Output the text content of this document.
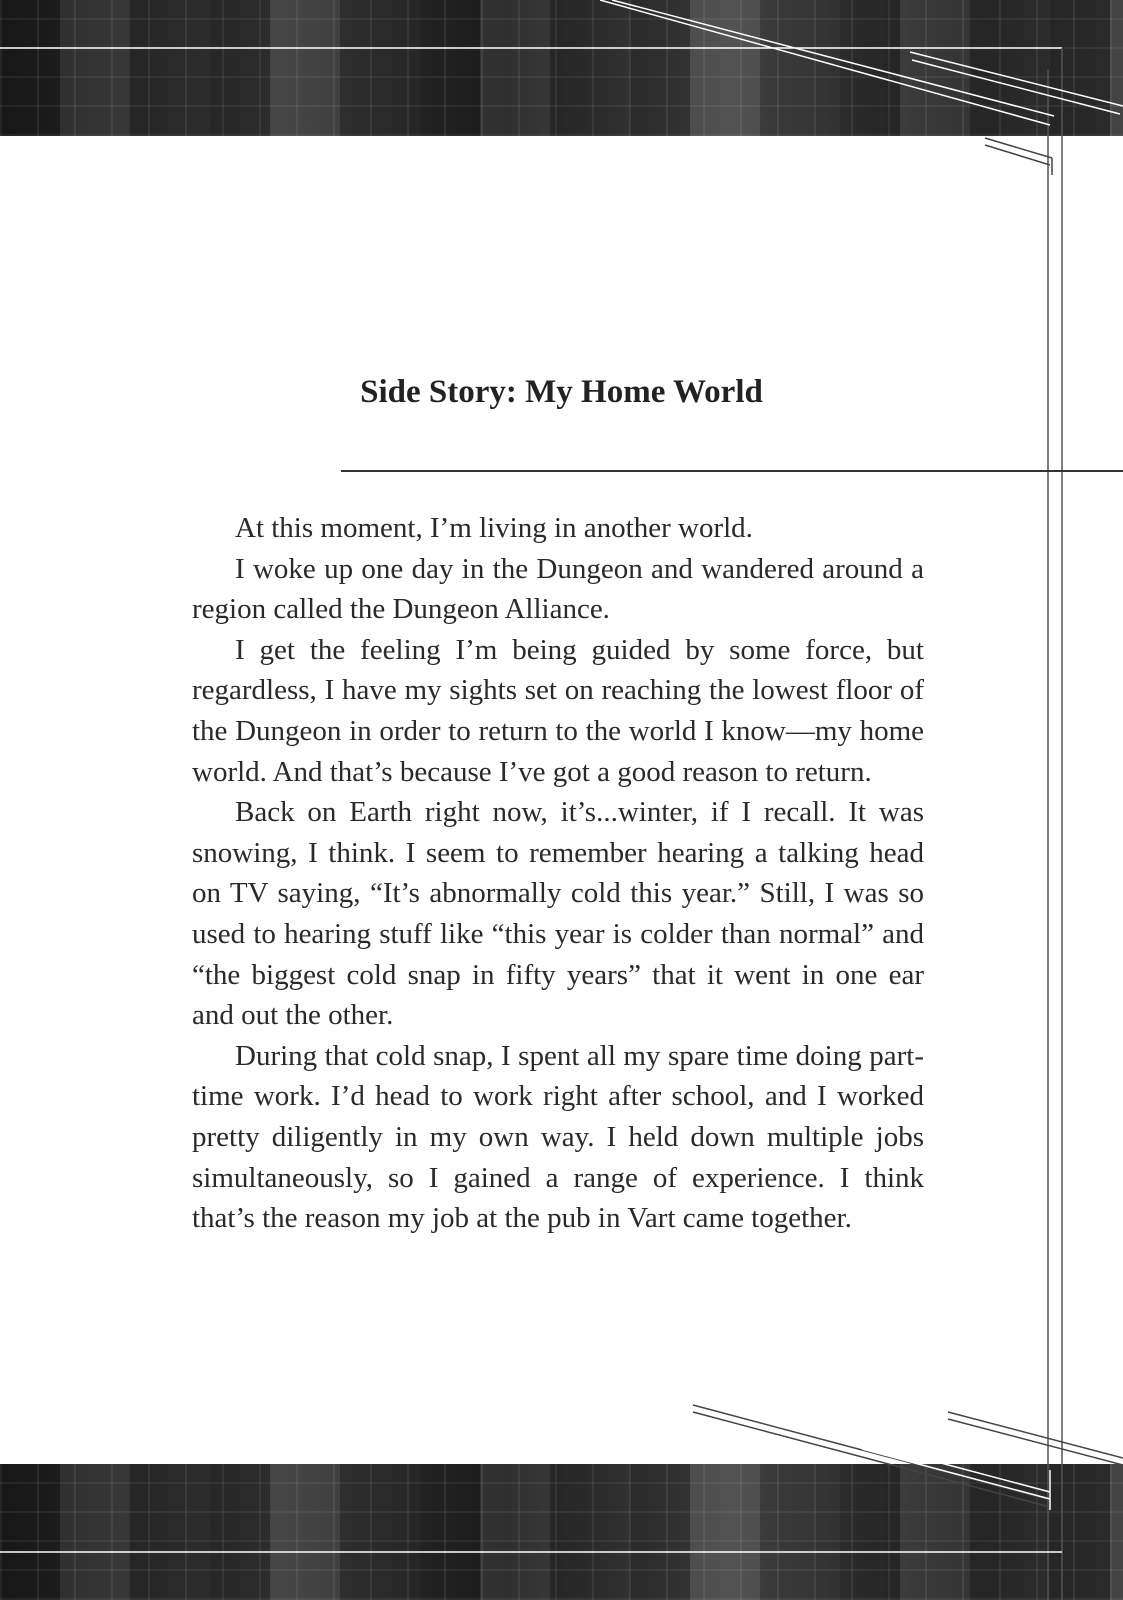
Side Story: My Home World

At this moment, I’m living in another world.

I woke up one day in the Dungeon and wandered around a region called the Dungeon Alliance.

I get the feeling I’m being guided by some force, but regardless, I have my sights set on reaching the lowest floor of the Dungeon in order to return to the world I know—my home world. And that’s because I’ve got a good reason to return.

Back on Earth right now, it’s...winter, if I recall. It was snowing, I think. I seem to remember hearing a talking head on TV saying, “It’s abnormally cold this year.” Still, I was so used to hearing stuff like “this year is colder than normal” and “the biggest cold snap in fifty years” that it went in one ear and out the other.

During that cold snap, I spent all my spare time doing part-time work. I’d head to work right after school, and I worked pretty diligently in my own way. I held down multiple jobs simultaneously, so I gained a range of experience. I think that’s the reason my job at the pub in Vart came together.
